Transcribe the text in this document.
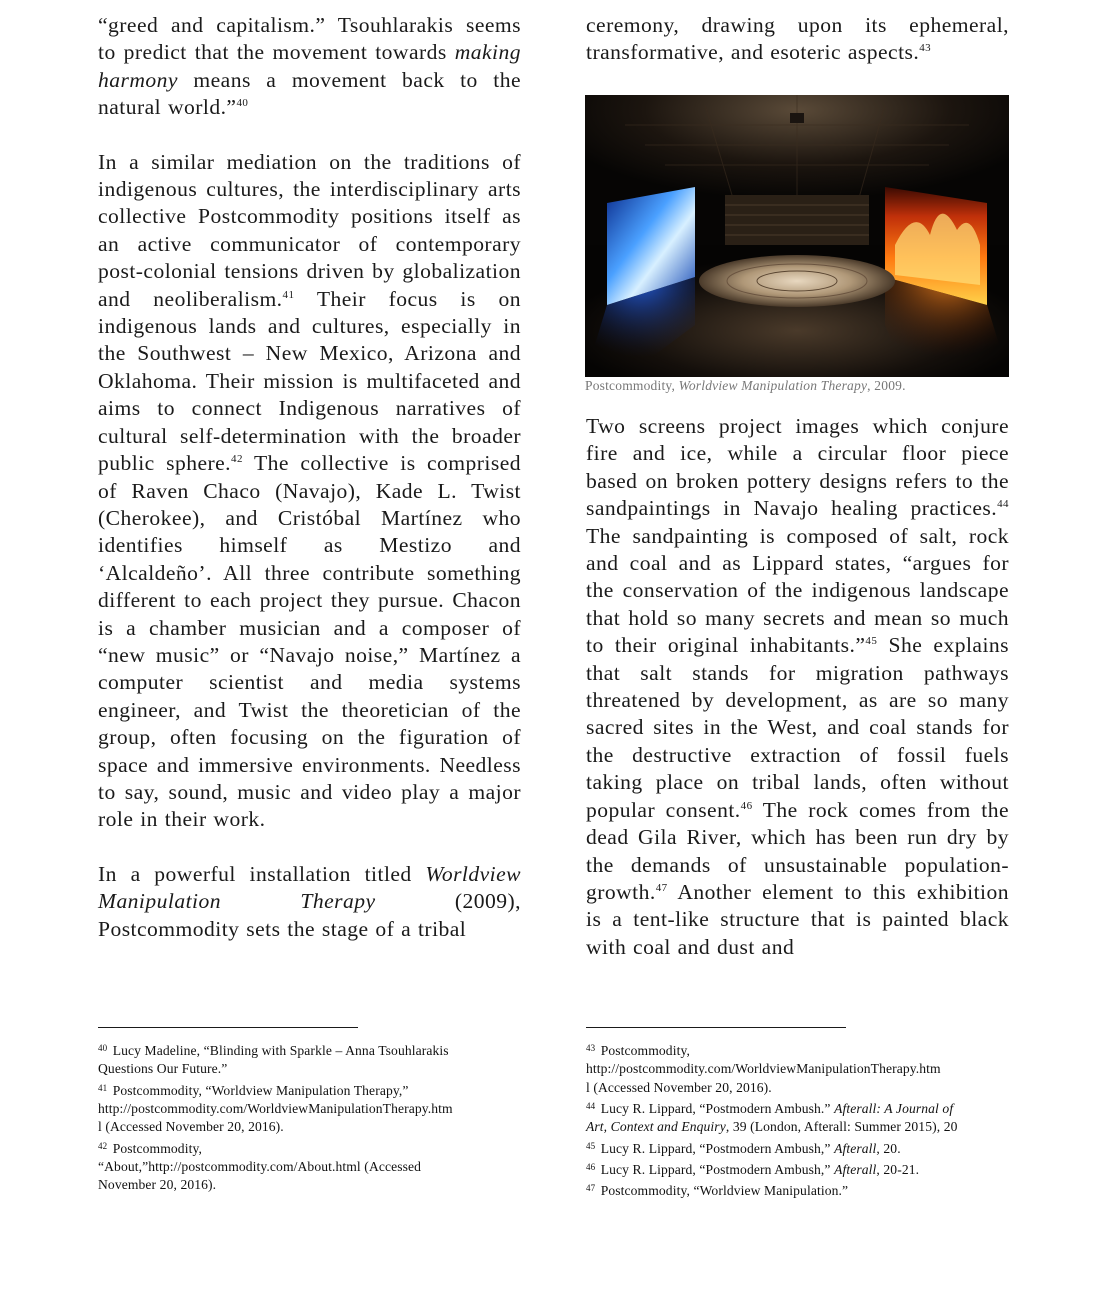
“greed and capitalism.” Tsouhlarakis seems to predict that the movement towards making harmony means a movement back to the natural world.”$^{40}$

In a similar mediation on the traditions of indigenous cultures, the interdisciplinary arts collective Postcommodity positions itself as an active communicator of contemporary post-colonial tensions driven by globalization and neoliberalism.$^{41}$ Their focus is on indigenous lands and cultures, especially in the Southwest – New Mexico, Arizona and Oklahoma. Their mission is multifaceted and aims to connect Indigenous narratives of cultural self-determination with the broader public sphere.$^{42}$ The collective is comprised of Raven Chaco (Navajo), Kade L. Twist (Cherokee), and Cristóbal Martínez who identifies himself as Mestizo and ‘Alcaldeño’. All three contribute something different to each project they pursue. Chacon is a chamber musician and a composer of “new music” or “Navajo noise,” Martínez a computer scientist and media systems engineer, and Twist the theoretician of the group, often focusing on the figuration of space and immersive environments. Needless to say, sound, music and video play a major role in their work.

In a powerful installation titled Worldview Manipulation Therapy (2009), Postcommodity sets the stage of a tribal

ceremony, drawing upon its ephemeral, transformative, and esoteric aspects.$^{43}$

Postcommodity, Worldview Manipulation Therapy, 2009.

Two screens project images which conjure fire and ice, while a circular floor piece based on broken pottery designs refers to the sandpaintings in Navajo healing practices.$^{44}$ The sandpainting is composed of salt, rock and coal and as Lippard states, “argues for the conservation of the indigenous landscape that hold so many secrets and mean so much to their original inhabitants.”$^{45}$ She explains that salt stands for migration pathways threatened by development, as are so many sacred sites in the West, and coal stands for the destructive extraction of fossil fuels taking place on tribal lands, often without popular consent.$^{46}$ The rock comes from the dead Gila River, which has been run dry by the demands of unsustainable population-growth.$^{47}$ Another element to this exhibition is a tent-like structure that is painted black with coal and dust and

$^{40}$ Lucy Madeline, “Blinding with Sparkle – Anna Tsouhlarakis
Questions Our Future.”
$^{41}$ Postcommodity, “Worldview Manipulation Therapy,”
http://postcommodity.com/WorldviewManipulationTherapy.htm
l (Accessed November 20, 2016).
$^{42}$ Postcommodity,
“About,”http://postcommodity.com/About.html (Accessed
November 20, 2016).
$^{43}$ Postcommodity,
http://postcommodity.com/WorldviewManipulationTherapy.htm
l (Accessed November 20, 2016).
$^{44}$ Lucy R. Lippard, “Postmodern Ambush.” Afterall: A Journal of
Art, Context and Enquiry, 39 (London, Afterall: Summer 2015), 20
$^{45}$ Lucy R. Lippard, “Postmodern Ambush,” Afterall, 20.
$^{46}$ Lucy R. Lippard, “Postmodern Ambush,” Afterall, 20-21.
$^{47}$ Postcommodity, “Worldview Manipulation.”
